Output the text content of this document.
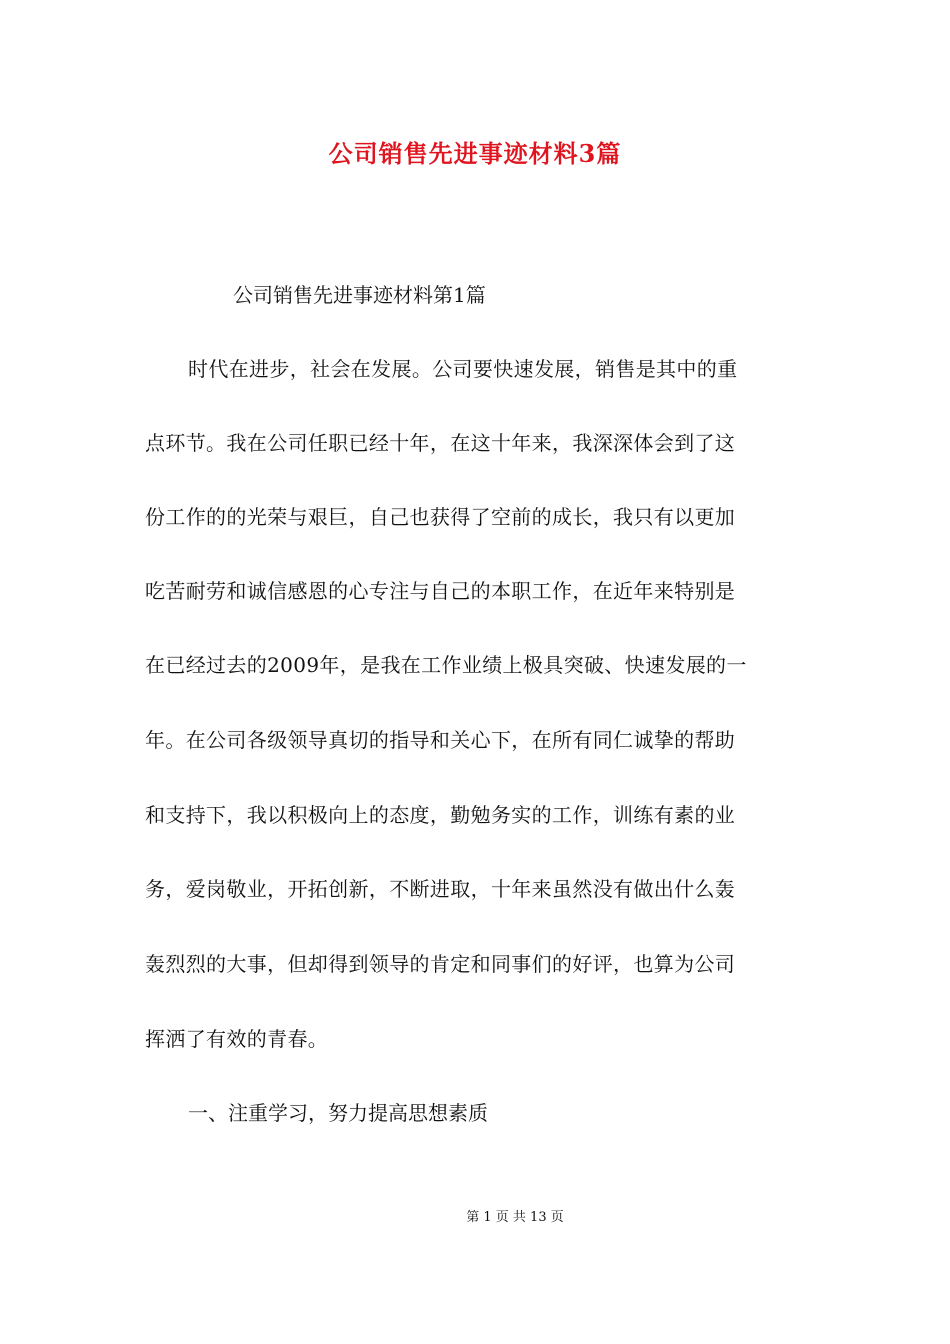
公司销售先进事迹材料3篇

公司销售先进事迹材料第1篇

时代在进步，社会在发展。公司要快速发展，销售是其中的重

点环节。我在公司任职已经十年，在这十年来，我深深体会到了这

份工作的的光荣与艰巨，自己也获得了空前的成长，我只有以更加

吃苦耐劳和诚信感恩的心专注与自己的本职工作，在近年来特别是

在已经过去的2009年，是我在工作业绩上极具突破、快速发展的一

年。在公司各级领导真切的指导和关心下，在所有同仁诚挚的帮助

和支持下，我以积极向上的态度，勤勉务实的工作，训练有素的业

务，爱岗敬业，开拓创新，不断进取，十年来虽然没有做出什么轰

轰烈烈的大事，但却得到领导的肯定和同事们的好评，也算为公司

挥洒了有效的青春。

一、注重学习，努力提高思想素质

第 1 页 共 13 页
